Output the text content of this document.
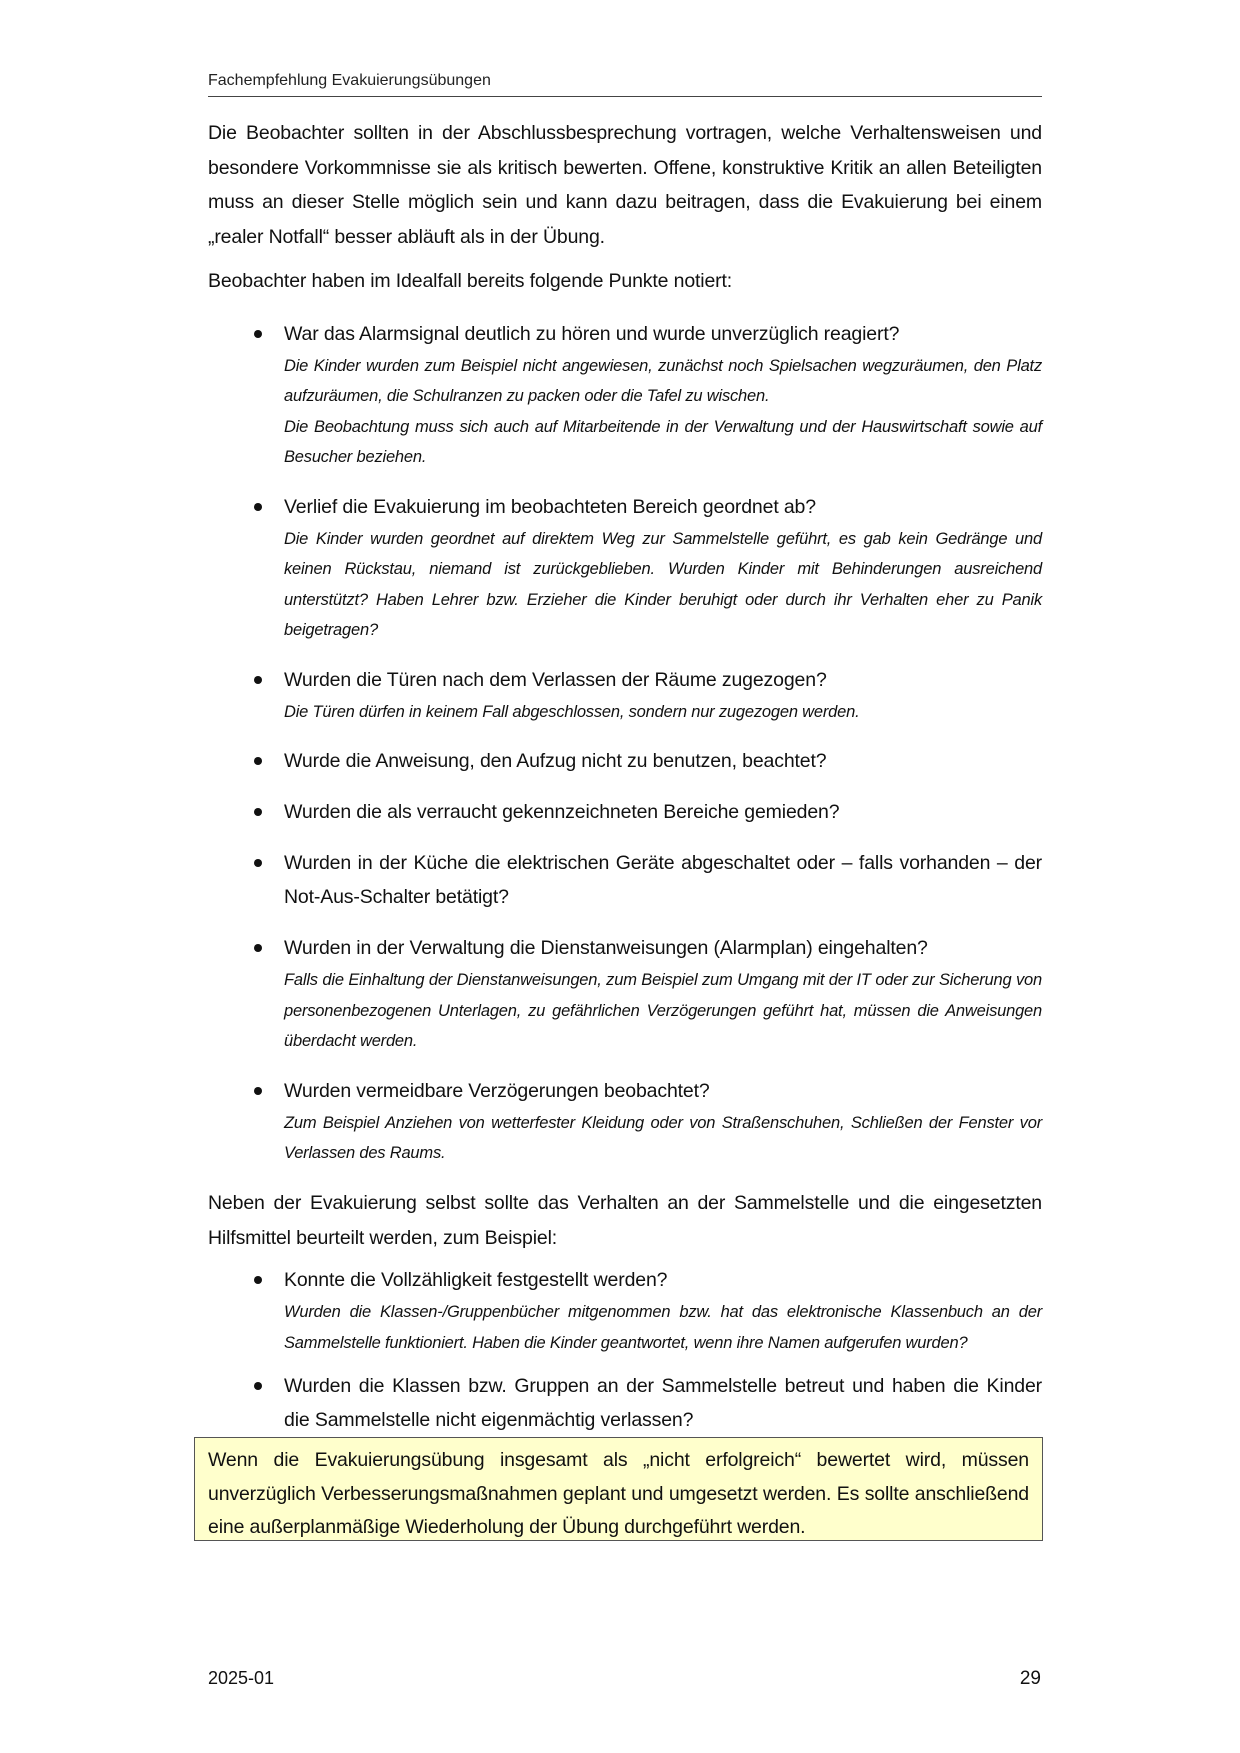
Fachempfehlung Evakuierungsübungen

Die Beobachter sollten in der Abschlussbesprechung vortragen, welche Verhaltensweisen und besondere Vorkommnisse sie als kritisch bewerten. Offene, konstruktive Kritik an allen Beteiligten muss an dieser Stelle möglich sein und kann dazu beitragen, dass die Evakuierung bei einem „realer Notfall“ besser abläuft als in der Übung.

Beobachter haben im Idealfall bereits folgende Punkte notiert:

War das Alarmsignal deutlich zu hören und wurde unverzüglich reagiert?
Die Kinder wurden zum Beispiel nicht angewiesen, zunächst noch Spielsachen wegzuräumen, den Platz aufzuräumen, die Schulranzen zu packen oder die Tafel zu wischen.
Die Beobachtung muss sich auch auf Mitarbeitende in der Verwaltung und der Hauswirtschaft sowie auf Besucher beziehen.
Verlief die Evakuierung im beobachteten Bereich geordnet ab?
Die Kinder wurden geordnet auf direktem Weg zur Sammelstelle geführt, es gab kein Gedränge und keinen Rückstau, niemand ist zurückgeblieben. Wurden Kinder mit Behinderungen ausreichend unterstützt? Haben Lehrer bzw. Erzieher die Kinder beruhigt oder durch ihr Verhalten eher zu Panik beigetragen?
Wurden die Türen nach dem Verlassen der Räume zugezogen?
Die Türen dürfen in keinem Fall abgeschlossen, sondern nur zugezogen werden.
Wurde die Anweisung, den Aufzug nicht zu benutzen, beachtet?
Wurden die als verraucht gekennzeichneten Bereiche gemieden?
Wurden in der Küche die elektrischen Geräte abgeschaltet oder – falls vorhanden – der Not-Aus-Schalter betätigt?
Wurden in der Verwaltung die Dienstanweisungen (Alarmplan) eingehalten?
Falls die Einhaltung der Dienstanweisungen, zum Beispiel zum Umgang mit der IT oder zur Sicherung von personenbezogenen Unterlagen, zu gefährlichen Verzögerungen geführt hat, müssen die Anweisungen überdacht werden.
Wurden vermeidbare Verzögerungen beobachtet?
Zum Beispiel Anziehen von wetterfester Kleidung oder von Straßenschuhen, Schließen der Fenster vor Verlassen des Raums.

Neben der Evakuierung selbst sollte das Verhalten an der Sammelstelle und die eingesetzten Hilfsmittel beurteilt werden, zum Beispiel:

Konnte die Vollzähligkeit festgestellt werden?
Wurden die Klassen-/Gruppenbücher mitgenommen bzw. hat das elektronische Klassenbuch an der Sammelstelle funktioniert. Haben die Kinder geantwortet, wenn ihre Namen aufgerufen wurden?
Wurden die Klassen bzw. Gruppen an der Sammelstelle betreut und haben die Kinder die Sammelstelle nicht eigenmächtig verlassen?

Wenn die Evakuierungsübung insgesamt als „nicht erfolgreich“ bewertet wird, müssen unverzüglich Verbesserungsmaßnahmen geplant und umgesetzt werden. Es sollte anschließend eine außerplanmäßige Wiederholung der Übung durchgeführt werden.

2025-01	29
